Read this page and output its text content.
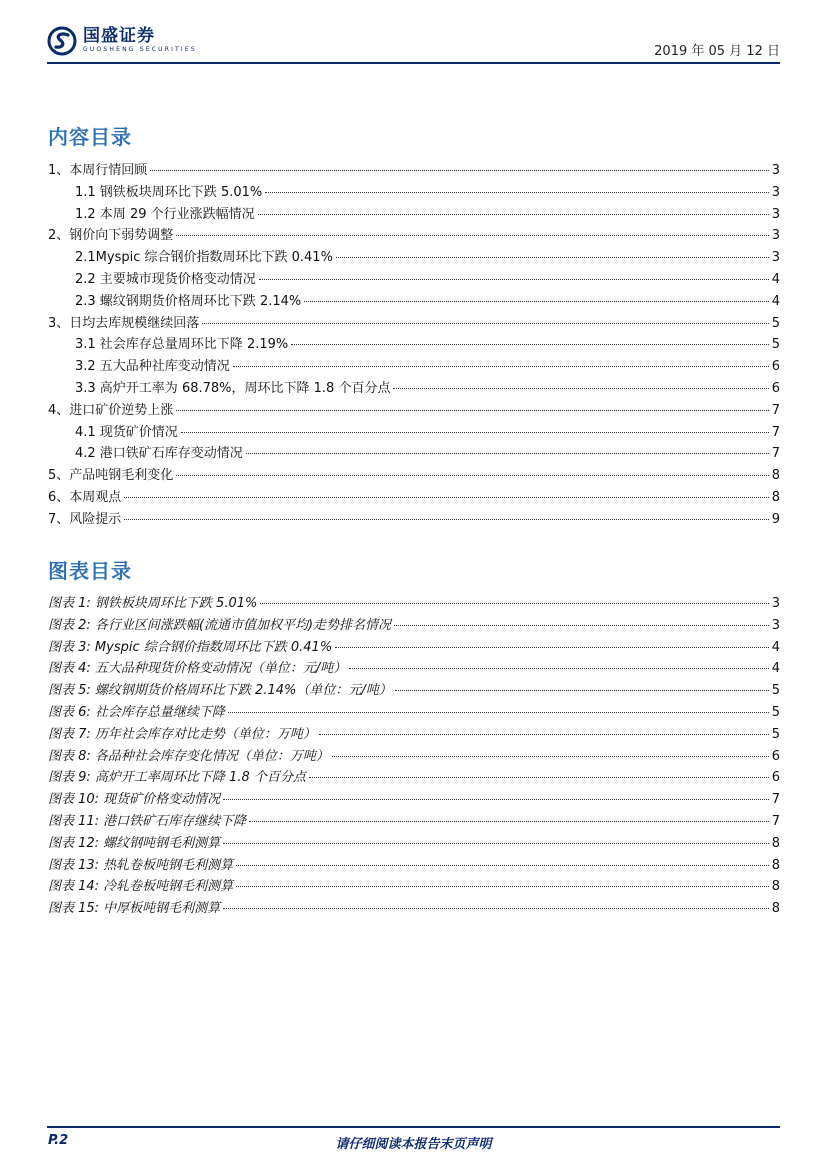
国盛证券
GUOSHENG SECURITIES	2019 年 05 月 12 日
内容目录
1、本周行情回顾	3
1.1 钢铁板块周环比下跌 5.01%	3
1.2 本周 29 个行业涨跌幅情况	3
2、钢价向下弱势调整	3
2.1Myspic 综合钢价指数周环比下跌 0.41%	3
2.2 主要城市现货价格变动情况	4
2.3 螺纹钢期货价格周环比下跌 2.14%	4
3、日均去库规模继续回落	5
3.1 社会库存总量周环比下降 2.19%	5
3.2 五大品种社库变动情况	6
3.3 高炉开工率为 68.78%，周环比下降 1.8 个百分点	6
4、进口矿价逆势上涨	7
4.1 现货矿价情况	7
4.2 港口铁矿石库存变动情况	7
5、产品吨钢毛利变化	8
6、本周观点	8
7、风险提示	9
图表目录
图表 1: 钢铁板块周环比下跌 5.01%	3
图表 2: 各行业区间涨跌幅(流通市值加权平均)走势排名情况	3
图表 3: Myspic 综合钢价指数周环比下跌 0.41%	4
图表 4: 五大品种现货价格变动情况（单位：元/吨）	4
图表 5: 螺纹钢期货价格周环比下跌 2.14%（单位：元/吨）	5
图表 6: 社会库存总量继续下降	5
图表 7: 历年社会库存对比走势（单位：万吨）	5
图表 8: 各品种社会库存变化情况（单位：万吨）	6
图表 9: 高炉开工率周环比下降 1.8 个百分点	6
图表 10: 现货矿价格变动情况	7
图表 11: 港口铁矿石库存继续下降	7
图表 12: 螺纹钢吨钢毛利测算	8
图表 13: 热轧卷板吨钢毛利测算	8
图表 14: 冷轧卷板吨钢毛利测算	8
图表 15: 中厚板吨钢毛利测算	8
P.2	请仔细阅读本报告末页声明
